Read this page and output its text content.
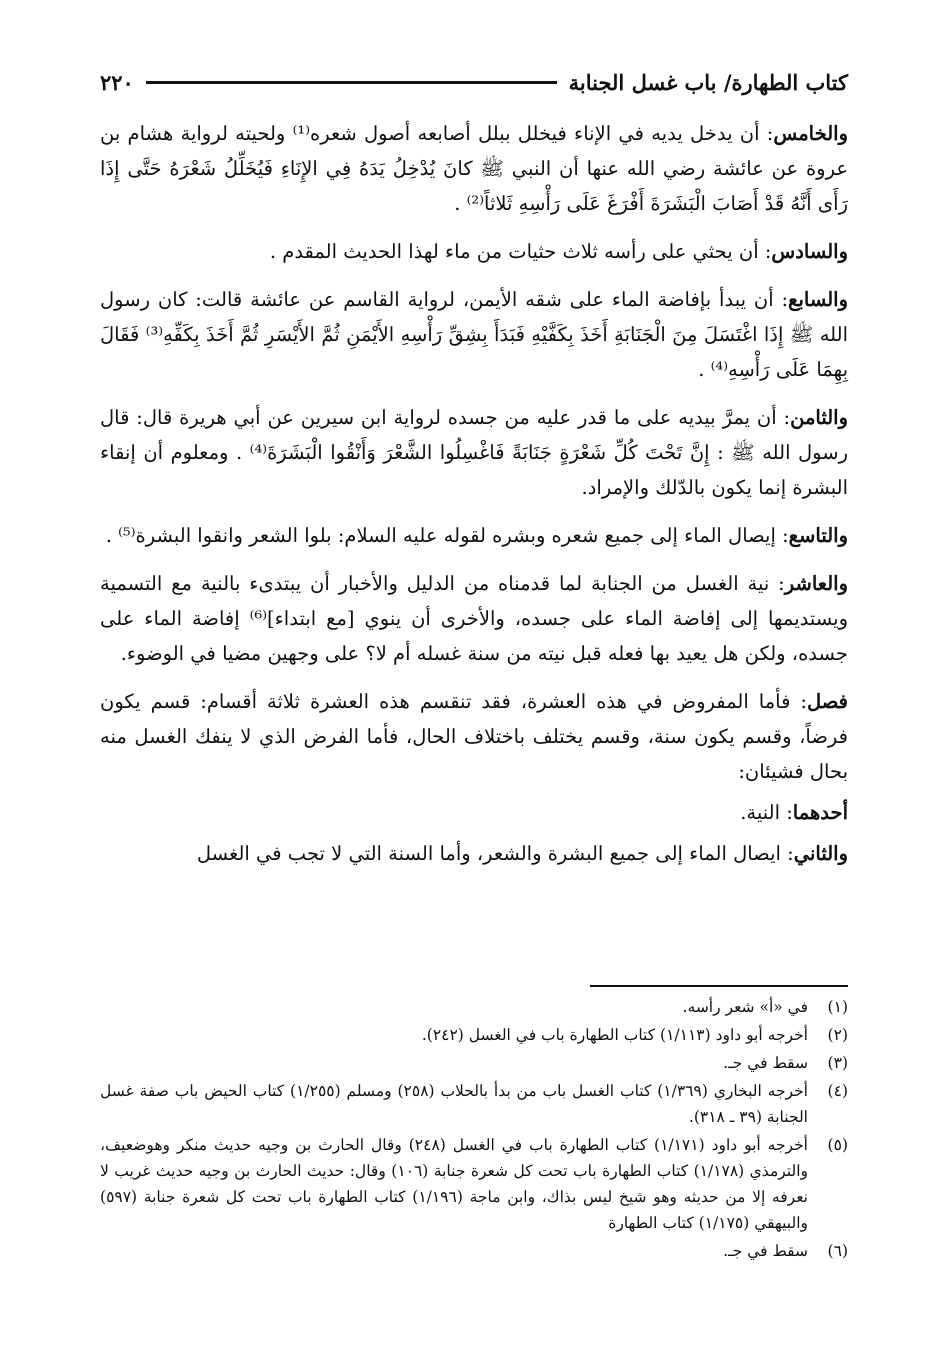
٢٢٠	كتاب الطهارة/ باب غسل الجنابة

والخامس: أن يدخل يديه في الإناء فيخلل ببلل أصابعه أصول شعره⁽¹⁾ ولحيته لرواية هشام بن عروة عن عائشة رضي الله عنها أن النبي ﷺ كانَ يُدْخِلُ يَدَهُ فِي الإِنَاءِ فَيُخَلِّلُ شَعْرَهُ حَتَّى إِذَا رَأَى أَنَّهُ قَدْ أَصَابَ الْبَشَرَةَ أَفْرَغَ عَلَى رَأْسِهِ ثَلاثاً⁽²⁾ .

والسادس: أن يحثي على رأسه ثلاث حثيات من ماء لهذا الحديث المقدم .

والسابع: أن يبدأ بإفاضة الماء على شقه الأيمن، لرواية القاسم عن عائشة قالت: كان رسول الله ﷺ إِذَا اغْتَسَلَ مِنَ الْجَنَابَةِ أَخَذَ بِكَفَّيْهِ فَبَدَأَ بِشِقِّ رَأْسِهِ الأَيْمَنِ ثُمَّ الأَيْسَرِ ثُمَّ أَخَذَ بِكَفِّهِ⁽³⁾ فَقَالَ بِهِمَا عَلَى رَأْسِهِ⁽⁴⁾ .

والثامن: أن يمرَّ بيديه على ما قدر عليه من جسده لرواية ابن سيرين عن أبي هريرة قال: قال رسول الله ﷺ : إِنَّ تَحْتَ كُلِّ شَعْرَةٍ جَنَابَةً فَاغْسِلُوا الشَّعْرَ وَأَنْقُوا الْبَشَرَةَ⁽⁴⁾ . ومعلوم أن إنقاء البشرة إنما يكون بالدّلك والإمراد.

والتاسع: إيصال الماء إلى جميع شعره وبشره لقوله عليه السلام: بلوا الشعر وانقوا البشرة⁽⁵⁾ .

والعاشر: نية الغسل من الجنابة لما قدمناه من الدليل والأخبار أن يبتدىء بالنية مع التسمية ويستديمها إلى إفاضة الماء على جسده، والأخرى أن ينوي [مع ابتداء]⁽⁶⁾ إفاضة الماء على جسده، ولكن هل يعيد بها فعله قبل نيته من سنة غسله أم لا؟ على وجهين مضيا في الوضوء.

فصل: فأما المفروض في هذه العشرة، فقد تنقسم هذه العشرة ثلاثة أقسام: قسم يكون فرضاً، وقسم يكون سنة، وقسم يختلف باختلاف الحال، فأما الفرض الذي لا ينفك الغسل منه بحال فشيئان:

أحدهما: النية.

والثاني: ايصال الماء إلى جميع البشرة والشعر، وأما السنة التي لا تجب في الغسل

(١)
في «أ» شعر رأسه.
(٢)
أخرجه أبو داود (١/١١٣) كتاب الطهارة باب في الغسل (٢٤٢).
(٣)
سقط في جـ.
(٤)
أخرجه البخاري (١/٣٦٩) كتاب الغسل باب من بدأ بالحلاب (٢٥٨) ومسلم (١/٢٥٥) كتاب الحيض باب صفة غسل الجنابة (٣٩ ـ ٣١٨).
(٥)
أخرجه أبو داود (١/١٧١) كتاب الطهارة باب في الغسل (٢٤٨) وقال الحارث بن وجيه حديث منكر وهوضعيف، والترمذي (١/١٧٨) كتاب الطهارة باب تحت كل شعرة جنابة (١٠٦) وقال: حديث الحارث بن وجيه حديث غريب لا نعرفه إلا من حديثه وهو شيخ ليس بذاك، وابن ماجة (١/١٩٦) كتاب الطهارة باب تحت كل شعرة جنابة (٥٩٧) والبيهقي (١/١٧٥) كتاب الطهارة
(٦)
سقط في جـ.
